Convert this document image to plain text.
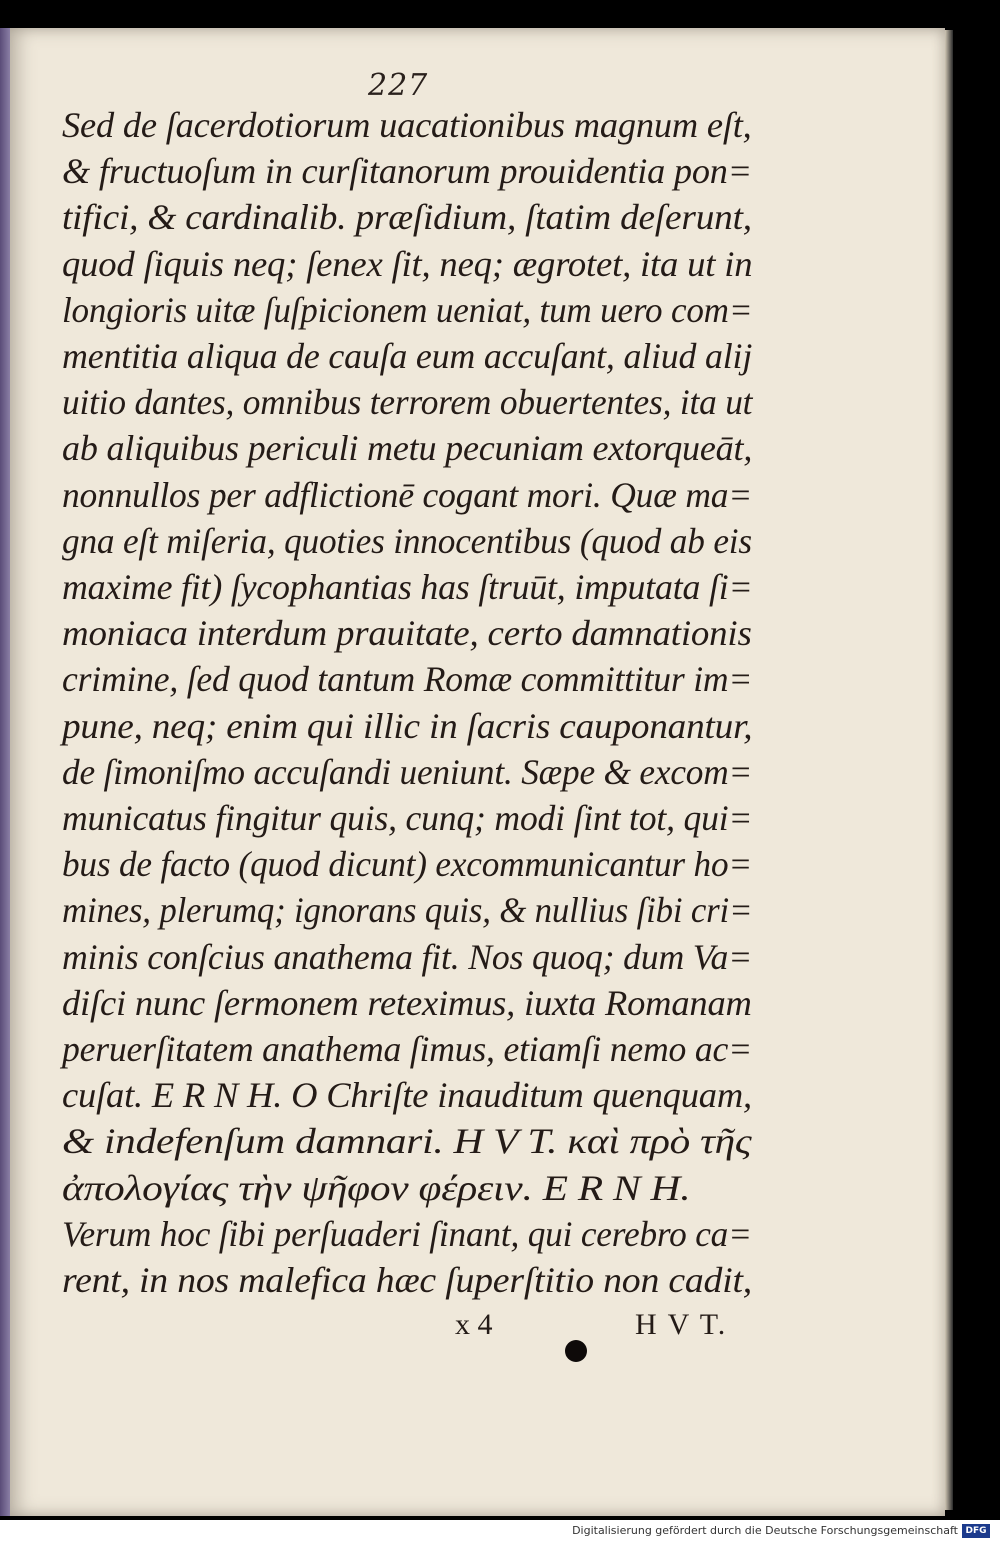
227
Sed de ſacerdotiorum uacationibus magnum eſt,
& fructuoſum in curſitanorum prouidentia pon=
tifici, & cardinalib. præſidium, ſtatim deſerunt,
quod ſiquis neq; ſenex ſit, neq; ægrotet, ita ut in
longioris uitæ ſuſpicionem ueniat, tum uero com=
mentitia aliqua de cauſa eum accuſant, aliud alij
uitio dantes, omnibus terrorem obuertentes, ita ut
ab aliquibus periculi metu pecuniam extorqueāt,
nonnullos per adflictionē cogant mori. Quæ ma=
gna eſt miſeria, quoties innocentibus (quod ab eis
maxime fit) ſycophantias has ſtruūt, imputata ſi=
moniaca interdum prauitate, certo damnationis
crimine, ſed quod tantum Romæ committitur im=
pune, neq; enim qui illic in ſacris cauponantur,
de ſimoniſmo accuſandi ueniunt. Sæpe & excom=
municatus fingitur quis, cunq; modi ſint tot, qui=
bus de facto (quod dicunt) excommunicantur ho=
mines, plerumq; ignorans quis, & nullius ſibi cri=
minis conſcius anathema fit. Nos quoq; dum Va=
diſci nunc ſermonem reteximus, iuxta Romanam
peruerſitatem anathema ſimus, etiamſi nemo ac=
cuſat. E R N H. O Chriſte inauditum quenquam,
& indefenſum damnari. H V T. καὶ πρὸ τῆς
ἀπολογίας τὴν ψῆφον φέρειν. E R N H.
Verum hoc ſibi perſuaderi ſinant, qui cerebro ca=
rent, in nos malefica hæc ſuperſtitio non cadit,
x 4	H V T.
Digitalisierung gefördert durch die Deutsche Forschungsgemeinschaft DFG
